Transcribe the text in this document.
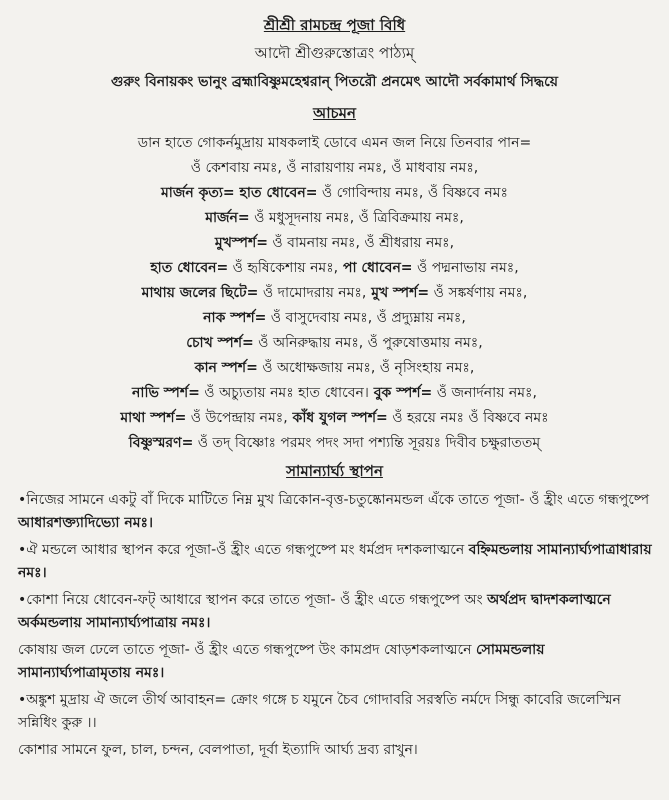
শ্রীশ্রী রামচন্দ্র পূজা বিধি
আদৌ শ্রীগুরুস্তোত্রং পাঠ্যম্
গুরুং বিনায়কং ভানুং ব্রহ্মাবিষ্ণুমহেশ্বরান্ পিতরৌ প্রনমেৎ আদৌ সর্বকামার্থ সিদ্ধয়ে
আচমন

ডান হাতে গোকর্নমুদ্রায় মাষকলাই ডোবে এমন জল নিয়ে তিনবার পান=

ওঁ কেশবায় নমঃ, ওঁ নারায়ণায় নমঃ, ওঁ মাধবায় নমঃ,

মার্জন কৃত্য= হাত ধোবেন= ওঁ গোবিন্দায় নমঃ, ওঁ বিষ্ণবে নমঃ

মার্জন= ওঁ মধুসূদনায় নমঃ, ওঁ ত্রিবিক্রমায় নমঃ,

মুখস্পর্শ= ওঁ বামনায় নমঃ, ওঁ শ্রীধরায় নমঃ,

হাত ধোবেন= ওঁ হৃষিকেশায় নমঃ, পা ধোবেন= ওঁ পদ্মনাভায় নমঃ,

মাথায় জলের ছিটে= ওঁ দামোদরায় নমঃ, মুখ স্পর্শ= ওঁ সঙ্কর্ষণায় নমঃ,

নাক স্পর্শ= ওঁ বাসুদেবায় নমঃ, ওঁ প্রদ্যুম্নায় নমঃ,

চোখ স্পর্শ= ওঁ অনিরুদ্ধায় নমঃ, ওঁ পুরুষোত্তমায় নমঃ,

কান স্পর্শ= ওঁ অধোক্ষজায় নমঃ, ওঁ নৃসিংহায় নমঃ,

নাভি স্পর্শ= ওঁ অচ্যুতায় নমঃ হাত ধোবেন। বুক স্পর্শ= ওঁ জনার্দনায় নমঃ,

মাথা স্পর্শ= ওঁ উপেন্দ্রায় নমঃ, কাঁধ যুগল স্পর্শ= ওঁ হরয়ে নমঃ ওঁ বিষ্ণবে নমঃ

বিষ্ণুস্মরণ= ওঁ তদ্ বিষ্ণোঃ পরমং পদং সদা পশ্যন্তি সূরয়ঃ দিবীব চক্ষুরাততম্

সামান্যার্ঘ্য স্থাপন

•নিজের সামনে একটু বাঁ দিকে মাটিতে নিম্ন মুখ ত্রিকোন-বৃত্ত-চতুষ্কোনমন্ডল এঁকে তাতে পূজা- ওঁ হ্রীং এতে গন্ধপুষ্পে আধারশক্ত্যাদিভ্যো নমঃ।

•ঐ মন্ডলে আধার স্থাপন করে পূজা-ওঁ হ্রীং এতে গন্ধপুষ্পে মং ধর্মপ্রদ দশকলাত্মনে বহ্নিমন্ডলায় সামান্যার্ঘ্যপাত্রাধারায় নমঃ।

•কোশা নিয়ে ধোবেন-ফট্ আধারে স্থাপন করে তাতে পূজা- ওঁ হ্রীং এতে গন্ধপুষ্পে অং অর্থপ্রদ দ্বাদশকলাত্মনে অর্কমন্ডলায় সামান্যার্ঘ্যপাত্রায় নমঃ।

কোষায় জল ঢেলে তাতে পূজা- ওঁ হ্রীং এতে গন্ধপুষ্পে উং কামপ্রদ ষোড়শকলাত্মনে সোমমন্ডলায় সামান্যার্ঘ্যপাত্রামৃতায় নমঃ।

•অঙ্কুশ মুদ্রায় ঐ জলে তীর্থ আবাহন= ক্রোং গঙ্গে চ যমুনে চৈব গোদাবরি সরস্বতি নর্মদে সিন্ধু কাবেরি জলেস্মিন সন্নিধিং কুরু ।।

কোশার সামনে ফুল, চাল, চন্দন, বেলপাতা, দূর্বা ইত্যাদি আর্ঘ্য দ্রব্য রাখুন।
